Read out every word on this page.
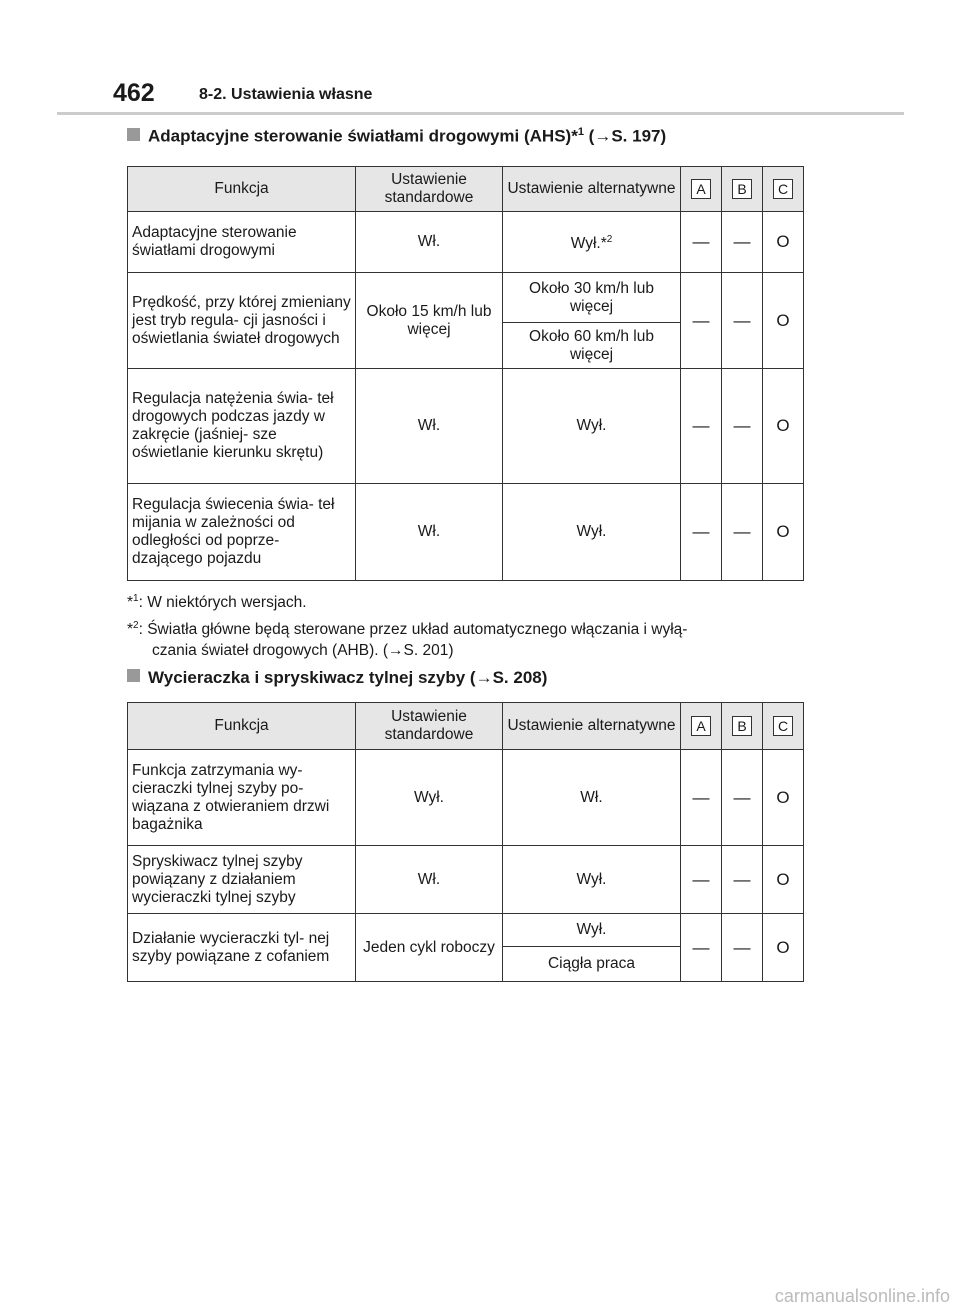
462	8-2. Ustawienia własne
Adaptacyjne sterowanie światłami drogowymi (AHS)*$^1$ (→S. 197)
Funkcja	Ustawienie standardowe	Ustawienie alternatywne	A	B	C
Adaptacyjne sterowanie światłami drogowymi	Wł.	Wył.*$^2$	—	—	O
Prędkość, przy której zmieniany jest tryb regula- cji jasności i oświetlania świateł drogowych	Około 15 km/h lub więcej	Około 30 km/h lub więcej	—	—	O
		Około 60 km/h lub więcej			
Regulacja natężenia świa- teł drogowych podczas jazdy w zakręcie (jaśniej- sze oświetlanie kierunku skrętu)	Wł.	Wył.	—	—	O
Regulacja świecenia świa- teł mijania w zależności od odległości od poprze- dzającego pojazdu	Wł.	Wył.	—	—	O
*$^1$: W niektórych wersjach.
*$^2$: Światła główne będą sterowane przez układ automatycznego włączania i wyłą-
czania świateł drogowych (AHB). (→S. 201)
Wycieraczka i spryskiwacz tylnej szyby (→S. 208)
Funkcja	Ustawienie standardowe	Ustawienie alternatywne	A	B	C
Funkcja zatrzymania wy- cieraczki tylnej szyby po- wiązana z otwieraniem drzwi bagażnika	Wył.	Wł.	—	—	O
Spryskiwacz tylnej szyby powiązany z działaniem wycieraczki tylnej szyby	Wł.	Wył.	—	—	O
Działanie wycieraczki tyl- nej szyby powiązane z cofaniem	Jeden cykl roboczy	Wył.	—	—	O
		Ciągła praca			
carmanualsonline.info
